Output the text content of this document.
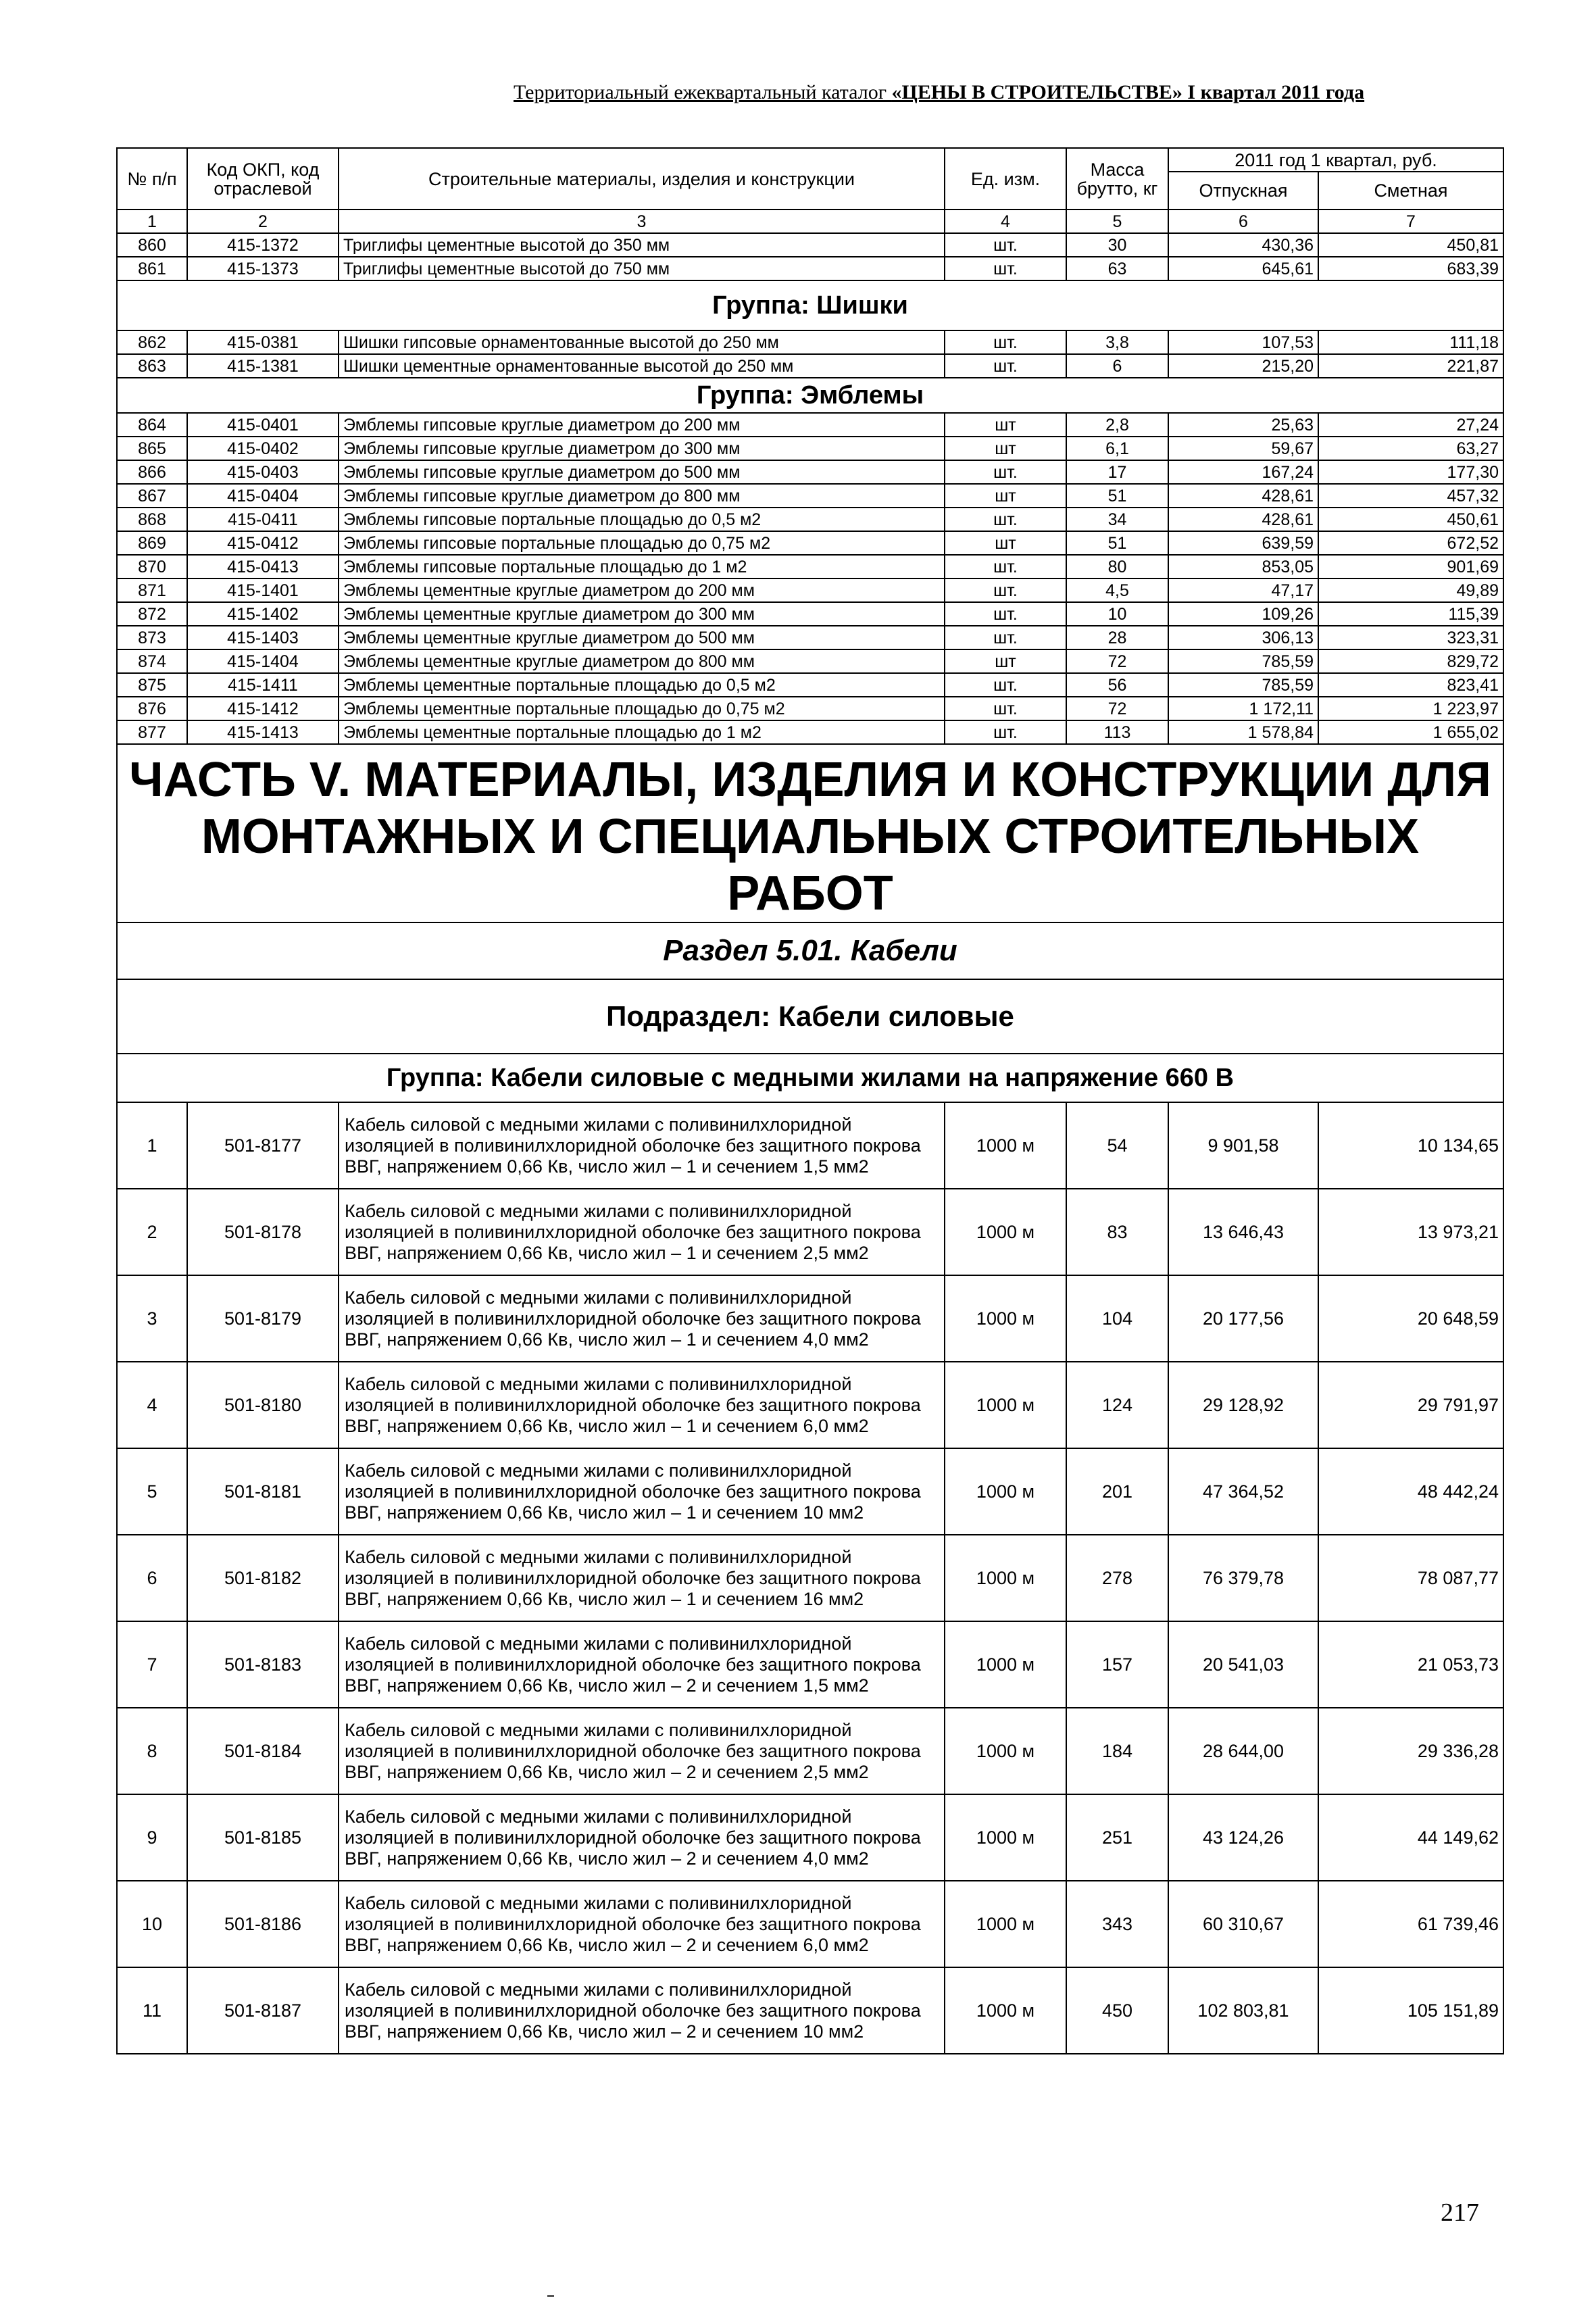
Территориальный ежеквартальный каталог «ЦЕНЫ В СТРОИТЕЛЬСТВЕ» I квартал 2011 года
№ п/п	Код ОКП, код отраслевой	Строительные материалы, изделия и конструкции	Ед. изм.	Масса брутто, кг	2011 год 1 квартал, руб.	
					Отпускная	Сметная
1	2	3	4	5	6	7
860	415-1372	Триглифы цементные высотой до 350 мм	шт.	30	430,36	450,81
861	415-1373	Триглифы цементные высотой до 750 мм	шт.	63	645,61	683,39
Группа: Шишки						
862	415-0381	Шишки гипсовые орнаментованные высотой до 250 мм	шт.	3,8	107,53	111,18
863	415-1381	Шишки цементные орнаментованные высотой до 250 мм	шт.	6	215,20	221,87
Группа: Эмблемы						
864	415-0401	Эмблемы гипсовые круглые диаметром до 200 мм	шт	2,8	25,63	27,24
865	415-0402	Эмблемы гипсовые круглые диаметром до 300 мм	шт	6,1	59,67	63,27
866	415-0403	Эмблемы гипсовые круглые диаметром до 500 мм	шт.	17	167,24	177,30
867	415-0404	Эмблемы гипсовые круглые диаметром до 800 мм	шт	51	428,61	457,32
868	415-0411	Эмблемы гипсовые портальные площадью до 0,5 м2	шт.	34	428,61	450,61
869	415-0412	Эмблемы гипсовые портальные площадью до 0,75 м2	шт	51	639,59	672,52
870	415-0413	Эмблемы гипсовые портальные площадью до 1 м2	шт.	80	853,05	901,69
871	415-1401	Эмблемы цементные круглые диаметром до 200 мм	шт.	4,5	47,17	49,89
872	415-1402	Эмблемы цементные круглые диаметром до 300 мм	шт.	10	109,26	115,39
873	415-1403	Эмблемы цементные круглые диаметром до 500 мм	шт.	28	306,13	323,31
874	415-1404	Эмблемы цементные круглые диаметром до 800 мм	шт	72	785,59	829,72
875	415-1411	Эмблемы цементные портальные площадью до 0,5 м2	шт.	56	785,59	823,41
876	415-1412	Эмблемы цементные портальные площадью до 0,75 м2	шт.	72	1 172,11	1 223,97
877	415-1413	Эмблемы цементные портальные площадью до 1 м2	шт.	113	1 578,84	1 655,02

ЧАСТЬ V. МАТЕРИАЛЫ, ИЗДЕЛИЯ И КОНСТРУКЦИИ ДЛЯ
МОНТАЖНЫХ И СПЕЦИАЛЬНЫХ СТРОИТЕЛЬНЫХ РАБОТ						

Раздел 5.01. Кабели						
Подраздел: Кабели силовые						
Группа: Кабели силовые с медными жилами на напряжение 660 В						
1	501-8177	Кабель силовой с медными жилами с поливинилхлоридной изоляцией в поливинилхлоридной оболочке без защитного покрова ВВГ, напряжением 0,66 Кв, число жил – 1 и сечением 1,5 мм2	1000 м	54	9 901,58	10 134,65
2	501-8178	Кабель силовой с медными жилами с поливинилхлоридной изоляцией в поливинилхлоридной оболочке без защитного покрова ВВГ, напряжением 0,66 Кв, число жил – 1 и сечением 2,5 мм2	1000 м	83	13 646,43	13 973,21
3	501-8179	Кабель силовой с медными жилами с поливинилхлоридной изоляцией в поливинилхлоридной оболочке без защитного покрова ВВГ, напряжением 0,66 Кв, число жил – 1 и сечением 4,0 мм2	1000 м	104	20 177,56	20 648,59
4	501-8180	Кабель силовой с медными жилами с поливинилхлоридной изоляцией в поливинилхлоридной оболочке без защитного покрова ВВГ, напряжением 0,66 Кв, число жил – 1 и сечением 6,0 мм2	1000 м	124	29 128,92	29 791,97
5	501-8181	Кабель силовой с медными жилами с поливинилхлоридной изоляцией в поливинилхлоридной оболочке без защитного покрова ВВГ, напряжением 0,66 Кв, число жил – 1 и сечением 10 мм2	1000 м	201	47 364,52	48 442,24
6	501-8182	Кабель силовой с медными жилами с поливинилхлоридной изоляцией в поливинилхлоридной оболочке без защитного покрова ВВГ, напряжением 0,66 Кв, число жил – 1 и сечением 16 мм2	1000 м	278	76 379,78	78 087,77
7	501-8183	Кабель силовой с медными жилами с поливинилхлоридной изоляцией в поливинилхлоридной оболочке без защитного покрова ВВГ, напряжением 0,66 Кв, число жил – 2 и сечением 1,5 мм2	1000 м	157	20 541,03	21 053,73
8	501-8184	Кабель силовой с медными жилами с поливинилхлоридной изоляцией в поливинилхлоридной оболочке без защитного покрова ВВГ, напряжением 0,66 Кв, число жил – 2 и сечением 2,5 мм2	1000 м	184	28 644,00	29 336,28
9	501-8185	Кабель силовой с медными жилами с поливинилхлоридной изоляцией в поливинилхлоридной оболочке без защитного покрова ВВГ, напряжением 0,66 Кв, число жил – 2 и сечением 4,0 мм2	1000 м	251	43 124,26	44 149,62
10	501-8186	Кабель силовой с медными жилами с поливинилхлоридной изоляцией в поливинилхлоридной оболочке без защитного покрова ВВГ, напряжением 0,66 Кв, число жил – 2 и сечением 6,0 мм2	1000 м	343	60 310,67	61 739,46
11	501-8187	Кабель силовой с медными жилами с поливинилхлоридной изоляцией в поливинилхлоридной оболочке без защитного покрова ВВГ, напряжением 0,66 Кв, число жил – 2 и сечением 10 мм2	1000 м	450	102 803,81	105 151,89
217
